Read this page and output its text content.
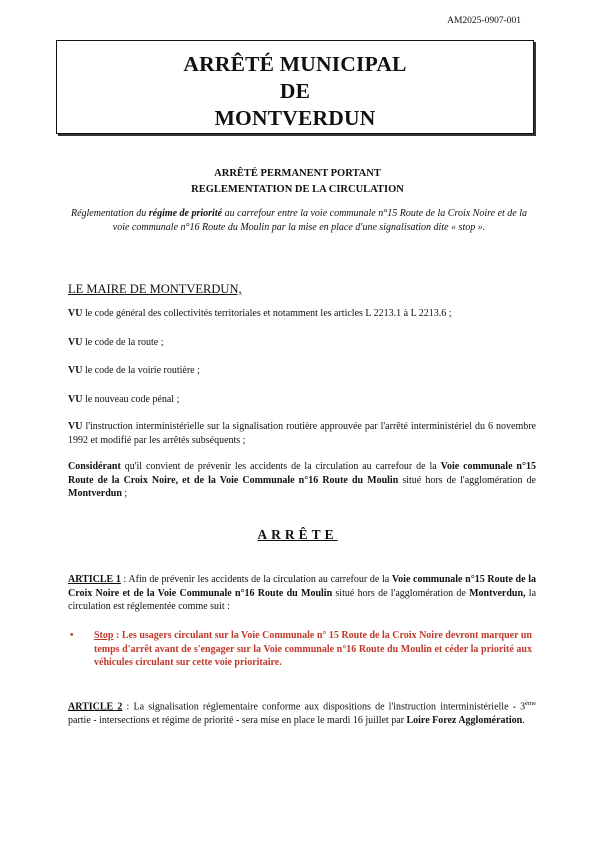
AM2025-0907-001
ARRÊTÉ MUNICIPAL
DE
MONTVERDUN
ARRÊTÉ PERMANENT PORTANT
REGLEMENTATION DE LA CIRCULATION
Réglementation du régime de priorité au carrefour entre la voie communale n°15 Route de la Croix Noire et de la voie communale n°16 Route du Moulin par la mise en place d'une signalisation dite « stop ».
LE MAIRE DE MONTVERDUN,
VU le code général des collectivités territoriales et notamment les articles L 2213.1 à L 2213.6 ;
VU le code de la route ;
VU le code de la voirie routière ;
VU le nouveau code pénal ;
VU l'instruction interministérielle sur la signalisation routière approuvée par l'arrêté interministériel du 6 novembre 1992 et modifié par les arrêtés subséquents ;
Considérant qu'il convient de prévenir les accidents de la circulation au carrefour de la Voie communale n°15 Route de la Croix Noire, et de la Voie Communale n°16 Route du Moulin situé hors de l'agglomération de Montverdun ;
ARRÊTE
ARTICLE 1 : Afin de prévenir les accidents de la circulation au carrefour de la Voie communale n°15 Route de la Croix Noire et de la Voie Communale n°16 Route du Moulin situé hors de l'agglomération de Montverdun, la circulation est réglementée comme suit :
• Stop : Les usagers circulant sur la Voie Communale n° 15 Route de la Croix Noire devront marquer un temps d'arrêt avant de s'engager sur la Voie communale n°16 Route du Moulin et céder la priorité aux véhicules circulant sur cette voie prioritaire.
ARTICLE 2 : La signalisation réglementaire conforme aux dispositions de l'instruction interministérielle - 3ème partie - intersections et régime de priorité - sera mise en place le mardi 16 juillet par Loire Forez Agglomération.
